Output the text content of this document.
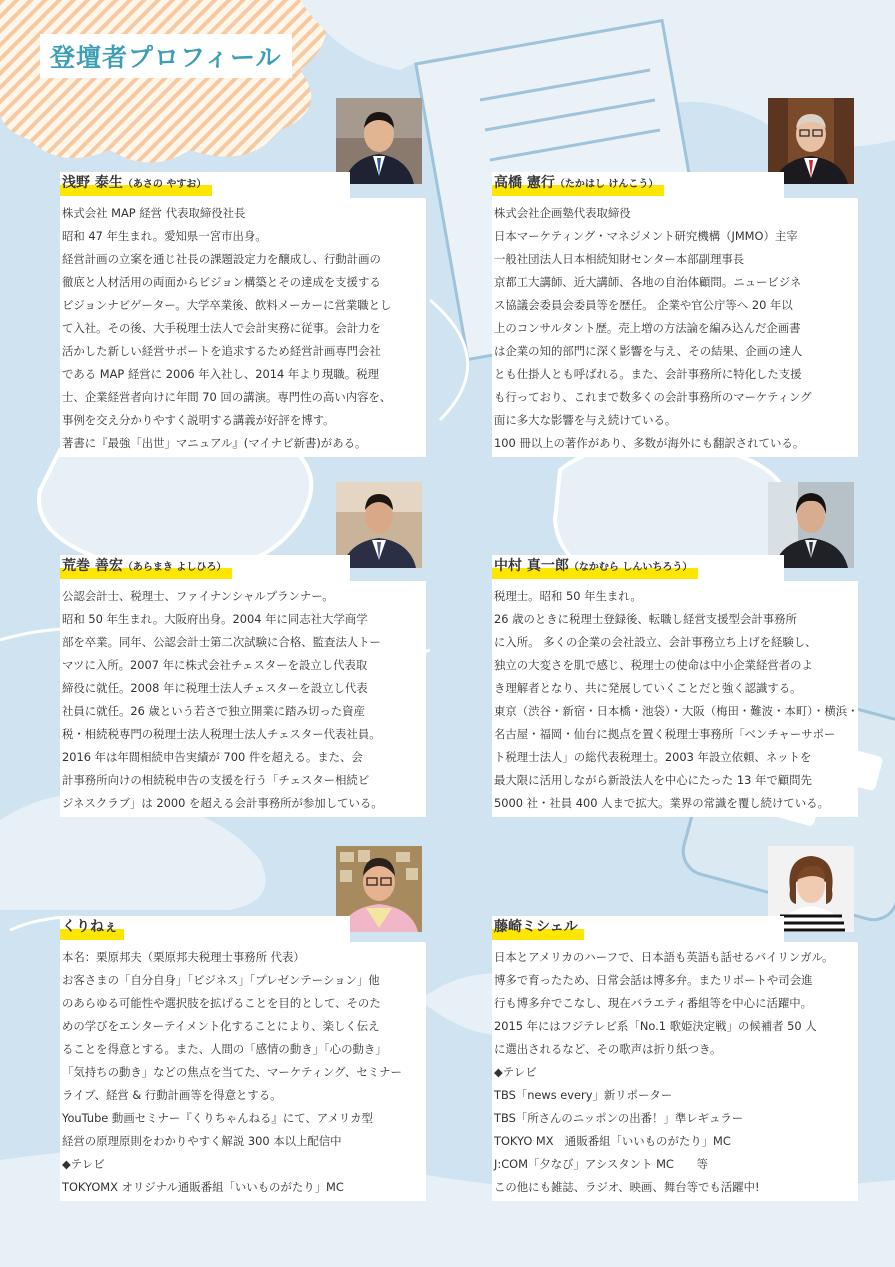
登壇者プロフィール
浅野 泰生（あさの やすお）

株式会社 MAP 経営 代表取締役社長

昭和 47 年生まれ。愛知県一宮市出身。

経営計画の立案を通じ社長の課題設定力を醸成し、行動計画の

徹底と人材活用の両面からビジョン構築とその達成を支援する

ビジョンナビゲーター。大学卒業後、飲料メーカーに営業職とし

て入社。その後、大手税理士法人で会計実務に従事。会計力を

活かした新しい経営サポートを追求するため経営計画専門会社

である MAP 経営に 2006 年入社し、2014 年より現職。税理

士、企業経営者向けに年間 70 回の講演。専門性の高い内容を、

事例を交え分かりやすく説明する講義が好評を博す。

著書に『最強「出世」マニュアル』(マイナビ新書)がある。

高橋 憲行（たかはし けんこう）

株式会社企画塾代表取締役

日本マーケティング・マネジメント研究機構（JMMO）主宰

一般社団法人日本相続知財センター本部副理事長

京都工大講師、近大講師、各地の自治体顧問。ニュービジネ

ス協議会委員会委員等を歴任。 企業や官公庁等へ 20 年以

上のコンサルタント歴。売上増の方法論を編み込んだ企画書

は企業の知的部門に深く影響を与え、その結果、企画の達人

とも仕掛人とも呼ばれる。また、会計事務所に特化した支援

も行っており、これまで数多くの会計事務所のマーケティング

面に多大な影響を与え続けている。

100 冊以上の著作があり、多数が海外にも翻訳されている。

荒巻 善宏（あらまき よしひろ）

公認会計士、税理士、ファイナンシャルプランナー。

昭和 50 年生まれ。大阪府出身。2004 年に同志社大学商学

部を卒業。同年、公認会計士第二次試験に合格、監査法人トー

マツに入所。2007 年に株式会社チェスターを設立し代表取

締役に就任。2008 年に税理士法人チェスターを設立し代表

社員に就任。26 歳という若さで独立開業に踏み切った資産

税・相続税専門の税理士法人税理士法人チェスター代表社員。

2016 年は年間相続申告実績が 700 件を超える。また、会

計事務所向けの相続税申告の支援を行う「チェスター相続ビ

ジネスクラブ」は 2000 を超える会計事務所が参加している。

中村 真一郎（なかむら しんいちろう）

税理士。昭和 50 年生まれ。

26 歳のときに税理士登録後、転職し経営支援型会計事務所

に入所。 多くの企業の会社設立、会計事務立ち上げを経験し、

独立の大変さを肌で感じ、税理士の使命は中小企業経営者のよ

き理解者となり、共に発展していくことだと強く認識する。

東京（渋谷・新宿・日本橋・池袋）・大阪（梅田・難波・本町）・横浜・

名古屋・福岡・仙台に拠点を置く税理士事務所「ベンチャーサポー

ト税理士法人」の総代表税理士。2003 年設立依頼、ネットを

最大限に活用しながら新設法人を中心にたった 13 年で顧問先

5000 社・社員 400 人まで拡大。業界の常識を覆し続けている。

くりねぇ

本名：栗原邦夫（栗原邦夫税理士事務所 代表）

お客さまの「自分自身」「ビジネス」「プレゼンテーション」他

のあらゆる可能性や選択肢を拡げることを目的として、そのた

めの学びをエンターテイメント化することにより、楽しく伝え

ることを得意とする。また、人間の「感情の動き」「心の動き」

「気持ちの動き」などの焦点を当てた、マーケティング、セミナー

ライブ、経営 & 行動計画等を得意とする。

YouTube 動画セミナー『くりちゃんねる』にて、アメリカ型

経営の原理原則をわかりやすく解説 300 本以上配信中

◆テレビ

TOKYOMX オリジナル通販番組「いいものがたり」MC

藤崎ミシェル

日本とアメリカのハーフで、日本語も英語も話せるバイリンガル。

博多で育ったため、日常会話は博多弁。またリポートや司会進

行も博多弁でこなし、現在バラエティ番組等を中心に活躍中。

2015 年にはフジテレビ系「No.1 歌姫決定戦」の候補者 50 人

に選出されるなど、その歌声は折り紙つき。

◆テレビ

TBS「news every」新リポーター

TBS「所さんのニッポンの出番！」準レギュラー

TOKYO MX　通販番組「いいものがたり」MC

J:COM「夕なび」アシスタント MC　　等

この他にも雑誌、ラジオ、映画、舞台等でも活躍中!
